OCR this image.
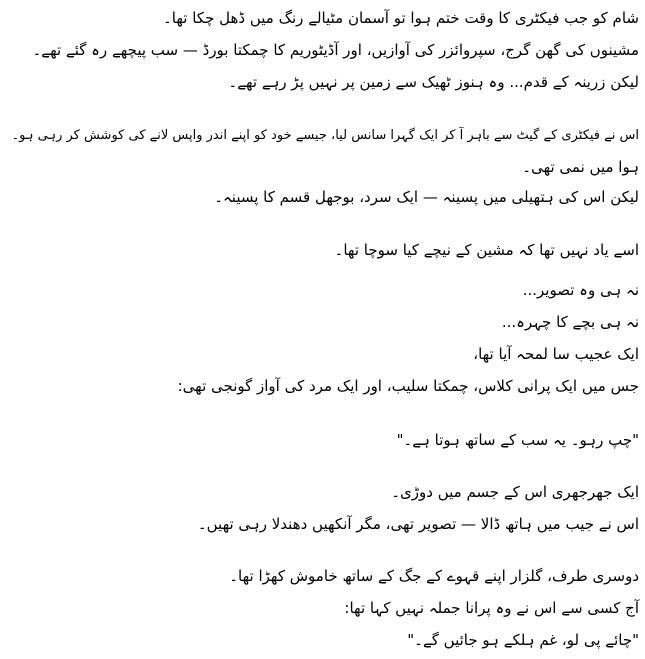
شام کو جب فیکٹری کا وقت ختم ہوا تو آسمان مٹیالے رنگ میں ڈھل چکا تھا۔
مشینوں کی گھن گرج، سپروائزر کی آوازیں، اور آڈیٹوریم کا چمکتا بورڈ — سب پیچھے رہ گئے تھے۔
لیکن زرینہ کے قدم... وہ ہنوز ٹھیک سے زمین پر نہیں پڑ رہے تھے۔
اس نے فیکٹری کے گیٹ سے باہر آ کر ایک گہرا سانس لیا، جیسے خود کو اپنے اندر واپس لانے کی کوشش کر رہی ہو۔
ہوا میں نمی تھی۔
لیکن اس کی ہتھیلی میں پسینہ — ایک سرد، بوجھل قسم کا پسینہ۔
اسے یاد نہیں تھا کہ مشین کے نیچے کیا سوچا تھا۔
نہ ہی وہ تصویر...
نہ ہی بچے کا چہرہ...
ایک عجیب سا لمحہ آیا تھا،
جس میں ایک پرانی کلاس، چمکتا سلیب، اور ایک مرد کی آواز گونجی تھی:
"چپ رہو۔ یہ سب کے ساتھ ہوتا ہے۔"
ایک جھرجھری اس کے جسم میں دوڑی۔
اس نے جیب میں ہاتھ ڈالا — تصویر تھی، مگر آنکھیں دھندلا رہی تھیں۔
دوسری طرف، گلزار اپنے قہوے کے جگ کے ساتھ خاموش کھڑا تھا۔
آج کسی سے اس نے وہ پرانا جملہ نہیں کہا تھا:
"چائے پی لو، غم ہلکے ہو جائیں گے۔"
